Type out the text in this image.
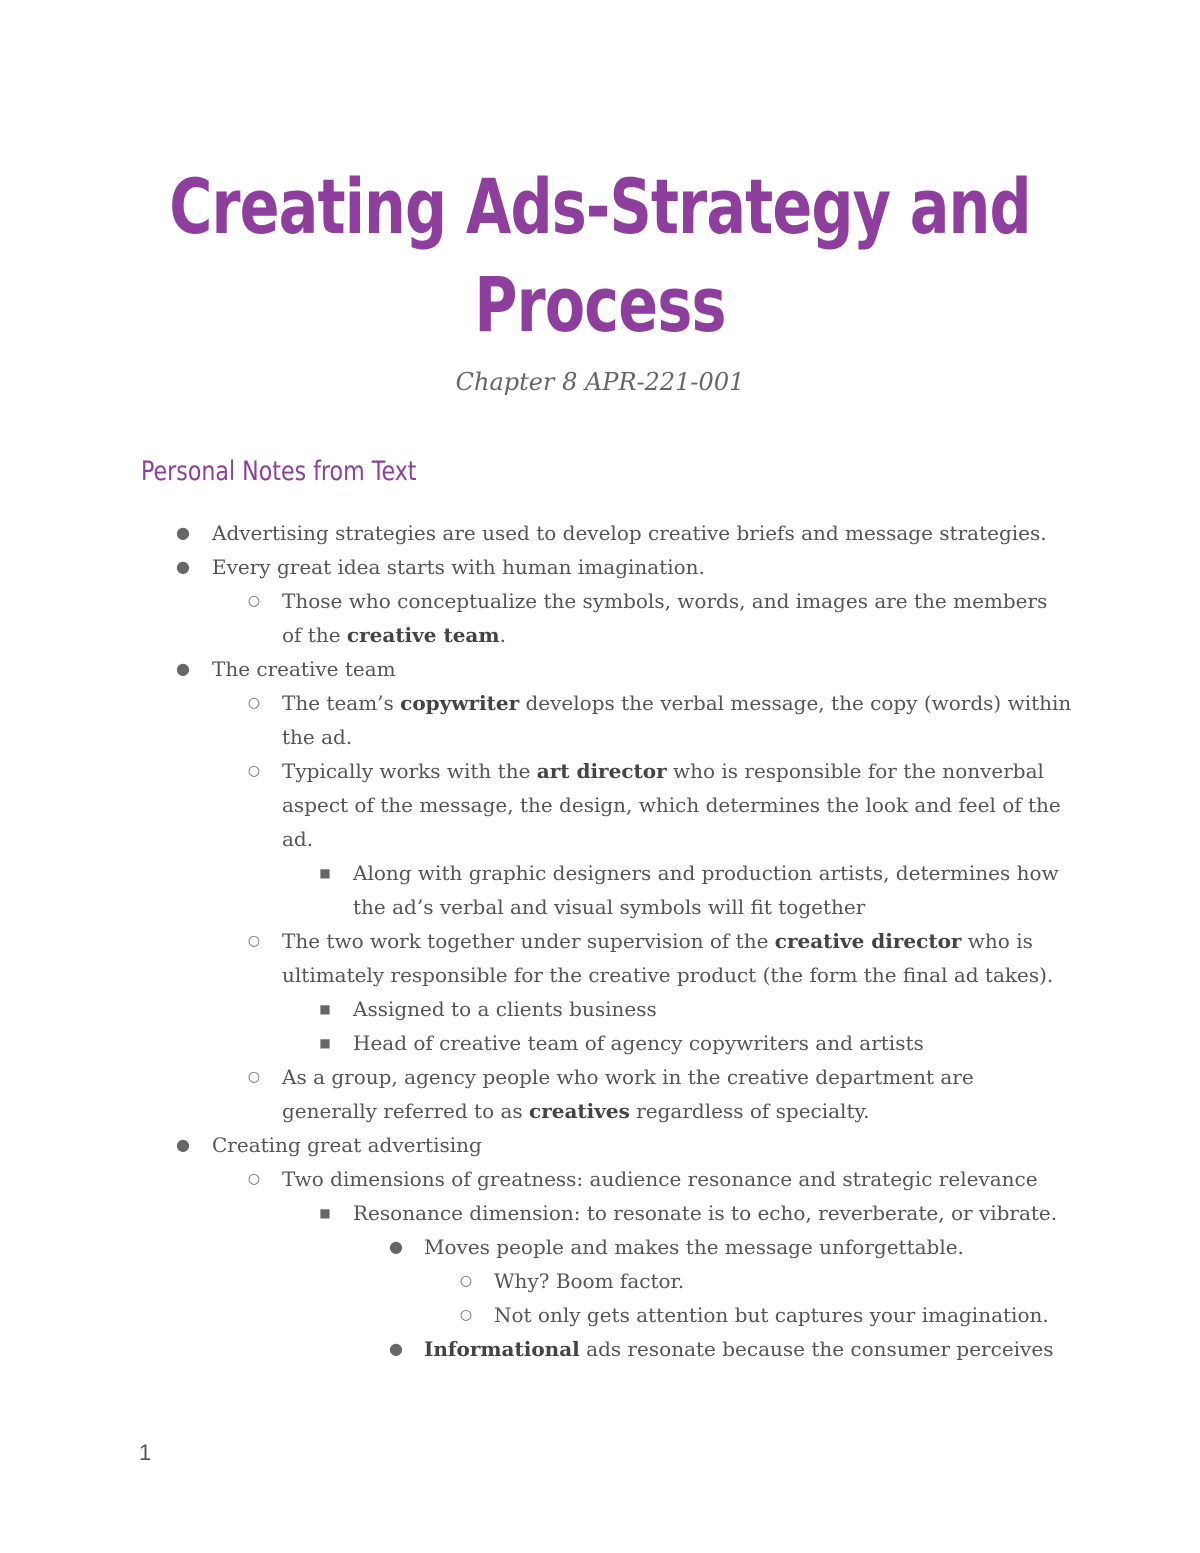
Creating Ads-Strategy and
Process
Chapter 8 APR-221-001
Personal Notes from Text
● Advertising strategies are used to develop creative briefs and message strategies.
● Every great idea starts with human imagination.
○ Those who conceptualize the symbols, words, and images are the members of the creative team.
● The creative team
○ The team’s copywriter develops the verbal message, the copy (words) within the ad.
○ Typically works with the art director who is responsible for the nonverbal aspect of the message, the design, which determines the look and feel of the ad.
■ Along with graphic designers and production artists, determines how the ad’s verbal and visual symbols will fit together
○ The two work together under supervision of the creative director who is ultimately responsible for the creative product (the form the final ad takes).
■ Assigned to a clients business
■ Head of creative team of agency copywriters and artists
○ As a group, agency people who work in the creative department are generally referred to as creatives regardless of specialty.
● Creating great advertising
○ Two dimensions of greatness: audience resonance and strategic relevance
■ Resonance dimension: to resonate is to echo, reverberate, or vibrate.
● Moves people and makes the message unforgettable.
○ Why? Boom factor.
○ Not only gets attention but captures your imagination.
● Informational ads resonate because the consumer perceives
1
